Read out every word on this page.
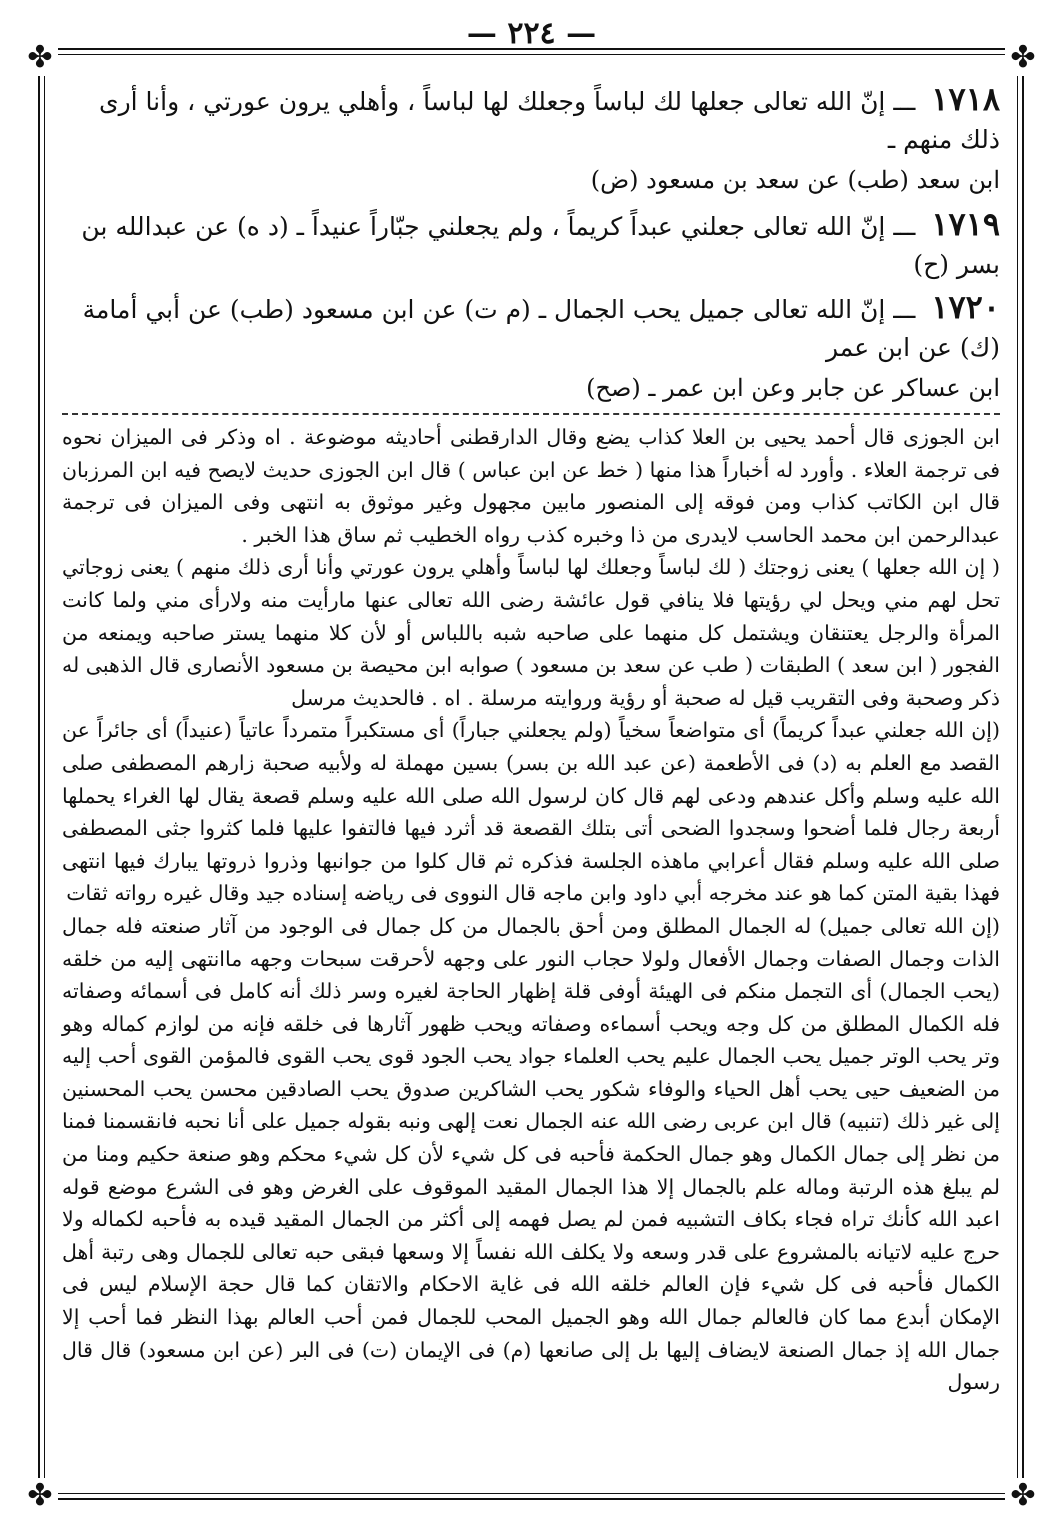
— ٢٢٤ —
✤	✤
✤	✤
١٧١٨ ـــ إنّ الله تعالى جعلها لك لباساً وجعلك لها لباساً ، وأهلي يرون عورتي ، وأنا أرى ذلك منهم ـ
ابن سعد (طب) عن سعد بن مسعود (ض)
١٧١٩ ـــ إنّ الله تعالى جعلني عبداً كريماً ، ولم يجعلني جبّاراً عنيداً ـ (د ه) عن عبدالله بن بسر (ح)
١٧٢٠ ـــ إنّ الله تعالى جميل يحب الجمال ـ (م ت) عن ابن مسعود (طب) عن أبي أمامة (ك) عن ابن عمر
ابن عساكر عن جابر وعن ابن عمر ـ (صح)

ابن الجوزى قال أحمد يحيى بن العلا كذاب يضع وقال الدارقطنى أحاديثه موضوعة . اه وذكر فى الميزان نحوه فى ترجمة العلاء . وأورد له أخباراً هذا منها ( خط عن ابن عباس ) قال ابن الجوزى حديث لايصح فيه ابن المرزبان قال ابن الكاتب كذاب ومن فوقه إلى المنصور مابين مجهول وغير موثوق به انتهى وفى الميزان فى ترجمة عبدالرحمن ابن محمد الحاسب لايدرى من ذا وخبره كذب رواه الخطيب ثم ساق هذا الخبر .

( إن الله جعلها ) يعنى زوجتك ( لك لباساً وجعلك لها لباساً وأهلي يرون عورتي وأنا أرى ذلك منهم ) يعنى زوجاتي تحل لهم مني ويحل لي رؤيتها فلا ينافي قول عائشة رضى الله تعالى عنها مارأيت منه ولارأى مني ولما كانت المرأة والرجل يعتنقان ويشتمل كل منهما على صاحبه شبه باللباس أو لأن كلا منهما يستر صاحبه ويمنعه من الفجور ( ابن سعد ) الطبقات ( طب عن سعد بن مسعود ) صوابه ابن محيصة بن مسعود الأنصارى قال الذهبى له ذكر وصحبة وفى التقريب قيل له صحبة أو رؤية وروايته مرسلة . اه . فالحديث مرسل

(إن الله جعلني عبداً كريماً) أى متواضعاً سخياً (ولم يجعلني جباراً) أى مستكبراً متمرداً عاتياً (عنيداً) أى جائراً عن القصد مع العلم به (د) فى الأطعمة (عن عبد الله بن بسر) بسين مهملة له ولأبيه صحبة زارهم المصطفى صلى الله عليه وسلم وأكل عندهم ودعى لهم قال كان لرسول الله صلى الله عليه وسلم قصعة يقال لها الغراء يحملها أربعة رجال فلما أضحوا وسجدوا الضحى أتى بتلك القصعة قد أثرد فيها فالتفوا عليها فلما كثروا جثى المصطفى صلى الله عليه وسلم فقال أعرابي ماهذه الجلسة فذكره ثم قال كلوا من جوانبها وذروا ذروتها يبارك فيها انتهى فهذا بقية المتن كما هو عند مخرجه أبي داود وابن ماجه قال النووى فى رياضه إسناده جيد وقال غيره رواته ثقات

(إن الله تعالى جميل) له الجمال المطلق ومن أحق بالجمال من كل جمال فى الوجود من آثار صنعته فله جمال الذات وجمال الصفات وجمال الأفعال ولولا حجاب النور على وجهه لأحرقت سبحات وجهه ماانتهى إليه من خلقه (يحب الجمال) أى التجمل منكم فى الهيئة أوفى قلة إظهار الحاجة لغيره وسر ذلك أنه كامل فى أسمائه وصفاته فله الكمال المطلق من كل وجه ويحب أسماءه وصفاته ويحب ظهور آثارها فى خلقه فإنه من لوازم كماله وهو وتر يحب الوتر جميل يحب الجمال عليم يحب العلماء جواد يحب الجود قوى يحب القوى فالمؤمن القوى أحب إليه من الضعيف حيى يحب أهل الحياء والوفاء شكور يحب الشاكرين صدوق يحب الصادقين محسن يحب المحسنين إلى غير ذلك (تنبيه) قال ابن عربى رضى الله عنه الجمال نعت إلهى ونبه بقوله جميل على أنا نحبه فانقسمنا فمنا من نظر إلى جمال الكمال وهو جمال الحكمة فأحبه فى كل شيء لأن كل شيء محكم وهو صنعة حكيم ومنا من لم يبلغ هذه الرتبة وماله علم بالجمال إلا هذا الجمال المقيد الموقوف على الغرض وهو فى الشرع موضع قوله اعبد الله كأنك تراه فجاء بكاف التشبيه فمن لم يصل فهمه إلى أكثر من الجمال المقيد قيده به فأحبه لكماله ولا حرج عليه لاتيانه بالمشروع على قدر وسعه ولا يكلف الله نفساً إلا وسعها فبقى حبه تعالى للجمال وهى رتبة أهل الكمال فأحبه فى كل شيء فإن العالم خلقه الله فى غاية الاحكام والاتقان كما قال حجة الإسلام ليس فى الإمكان أبدع مما كان فالعالم جمال الله وهو الجميل المحب للجمال فمن أحب العالم بهذا النظر فما أحب إلا جمال الله إذ جمال الصنعة لايضاف إليها بل إلى صانعها (م) فى الإيمان (ت) فى البر (عن ابن مسعود) قال قال رسول
